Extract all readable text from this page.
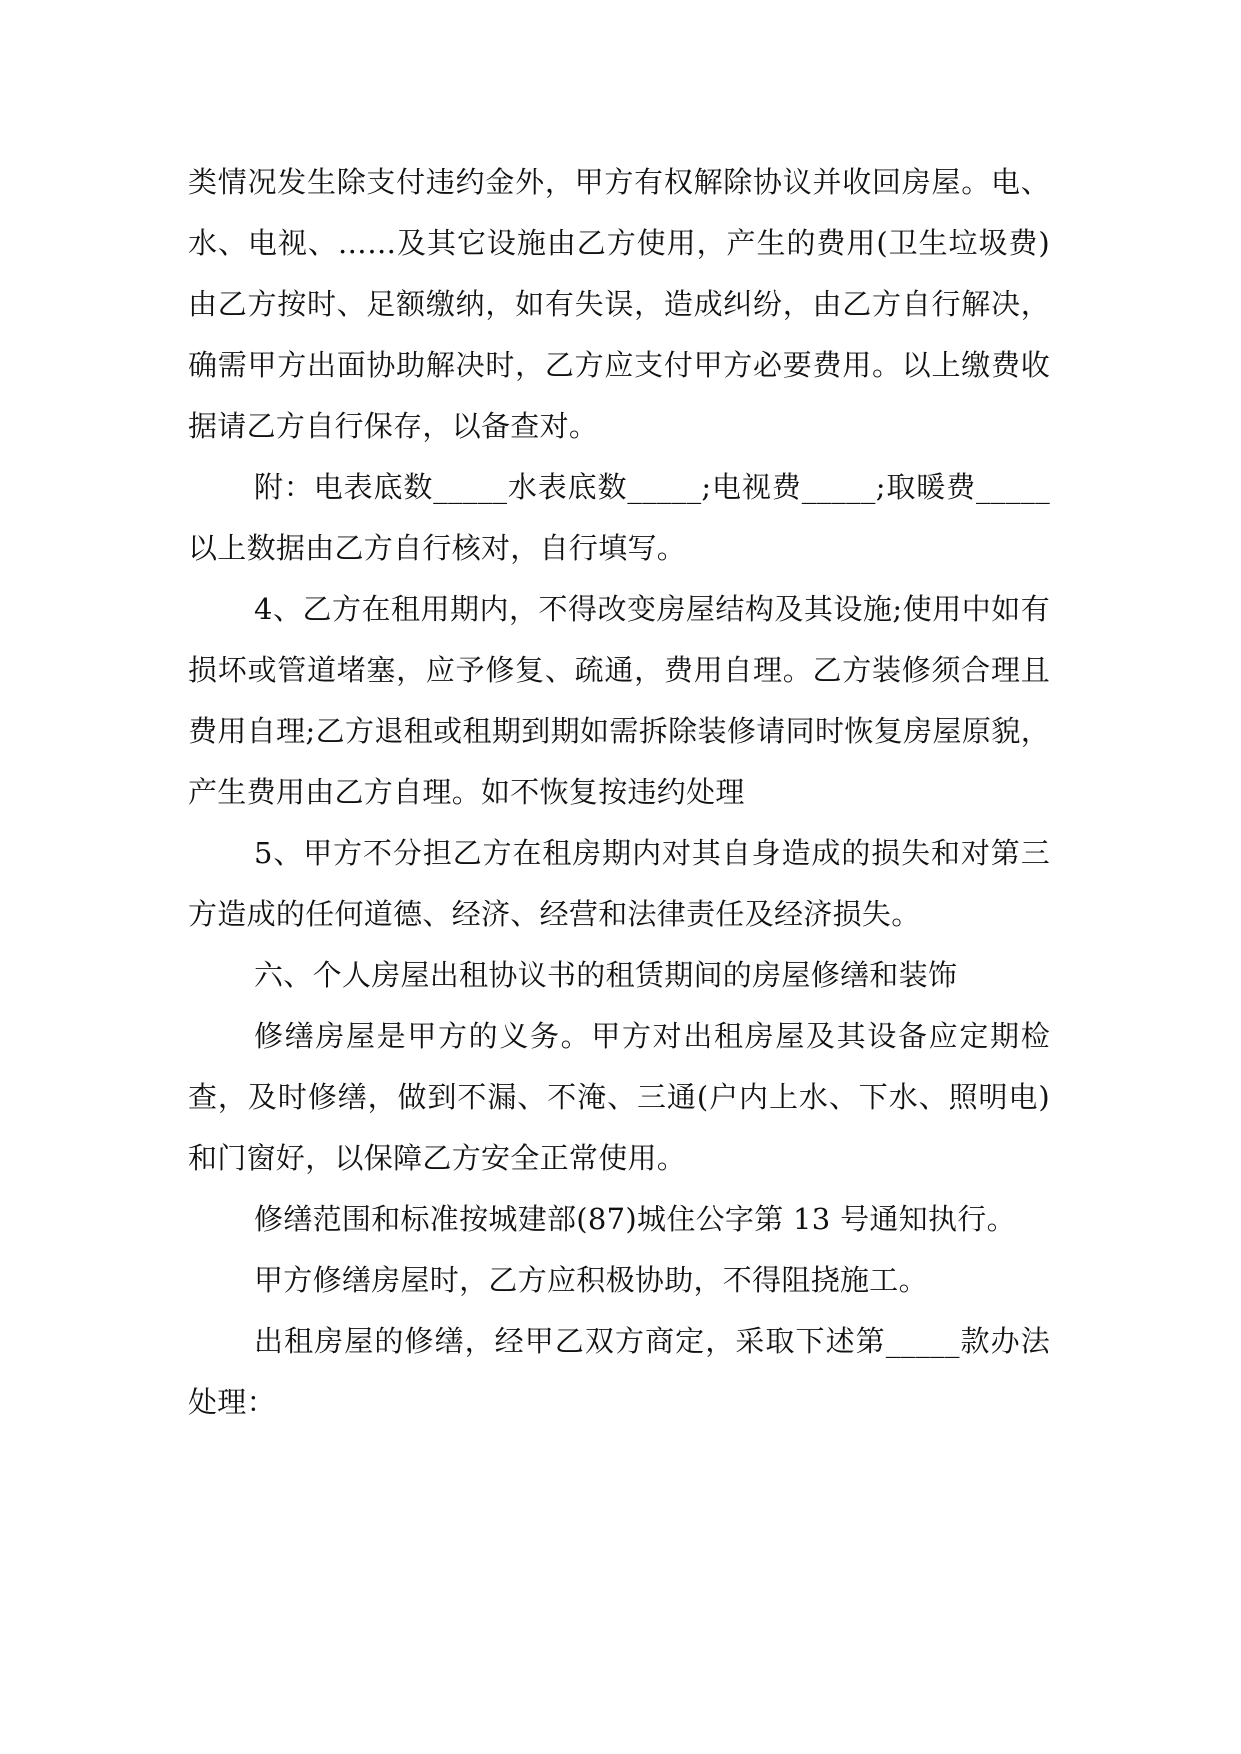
类情况发生除支付违约金外，甲方有权解除协议并收回房屋。电、水、电视、……及其它设施由乙方使用，产生的费用(卫生垃圾费)由乙方按时、足额缴纳，如有失误，造成纠纷，由乙方自行解决，确需甲方出面协助解决时，乙方应支付甲方必要费用。以上缴费收据请乙方自行保存，以备查对。

附：电表底数_____水表底数_____;电视费_____;取暖费_____以上数据由乙方自行核对，自行填写。

4、乙方在租用期内，不得改变房屋结构及其设施;使用中如有损坏或管道堵塞，应予修复、疏通，费用自理。乙方装修须合理且费用自理;乙方退租或租期到期如需拆除装修请同时恢复房屋原貌，产生费用由乙方自理。如不恢复按违约处理

5、甲方不分担乙方在租房期内对其自身造成的损失和对第三方造成的任何道德、经济、经营和法律责任及经济损失。

六、个人房屋出租协议书的租赁期间的房屋修缮和装饰

修缮房屋是甲方的义务。甲方对出租房屋及其设备应定期检查，及时修缮，做到不漏、不淹、三通(户内上水、下水、照明电)和门窗好，以保障乙方安全正常使用。

修缮范围和标准按城建部(87)城住公字第 13 号通知执行。

甲方修缮房屋时，乙方应积极协助，不得阻挠施工。

出租房屋的修缮，经甲乙双方商定，采取下述第_____款办法处理：
